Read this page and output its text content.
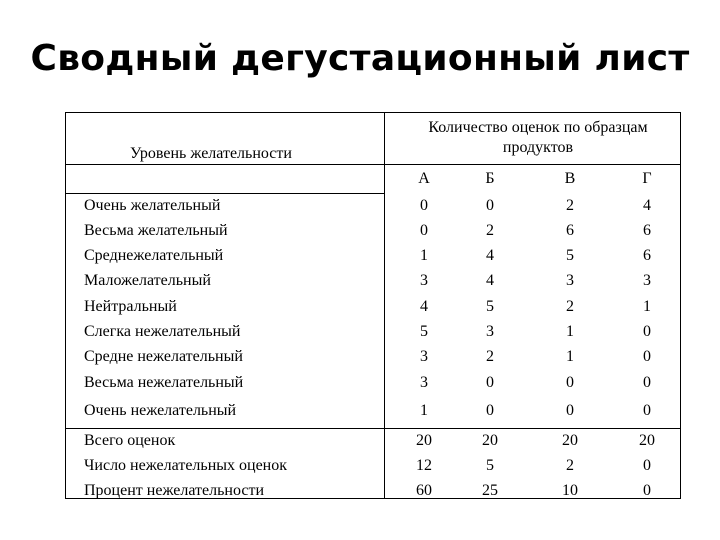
Сводный дегустационный лист
Уровень желательности
Количество оценок по образцам продуктов
А	Б	В	Г
Очень желательный	0	0	2	4
Весьма желательный	0	2	6	6
Среднежелательный	1	4	5	6
Маложелательный	3	4	3	3
Нейтральный	4	5	2	1
Слегка нежелательный	5	3	1	0
Средне нежелательный	3	2	1	0
Весьма нежелательный	3	0	0	0
Очень нежелательный	1	0	0	0
Всего оценок	20	20	20	20
Число нежелательных оценок	12	5	2	0
Процент нежелательности	60	25	10	0
